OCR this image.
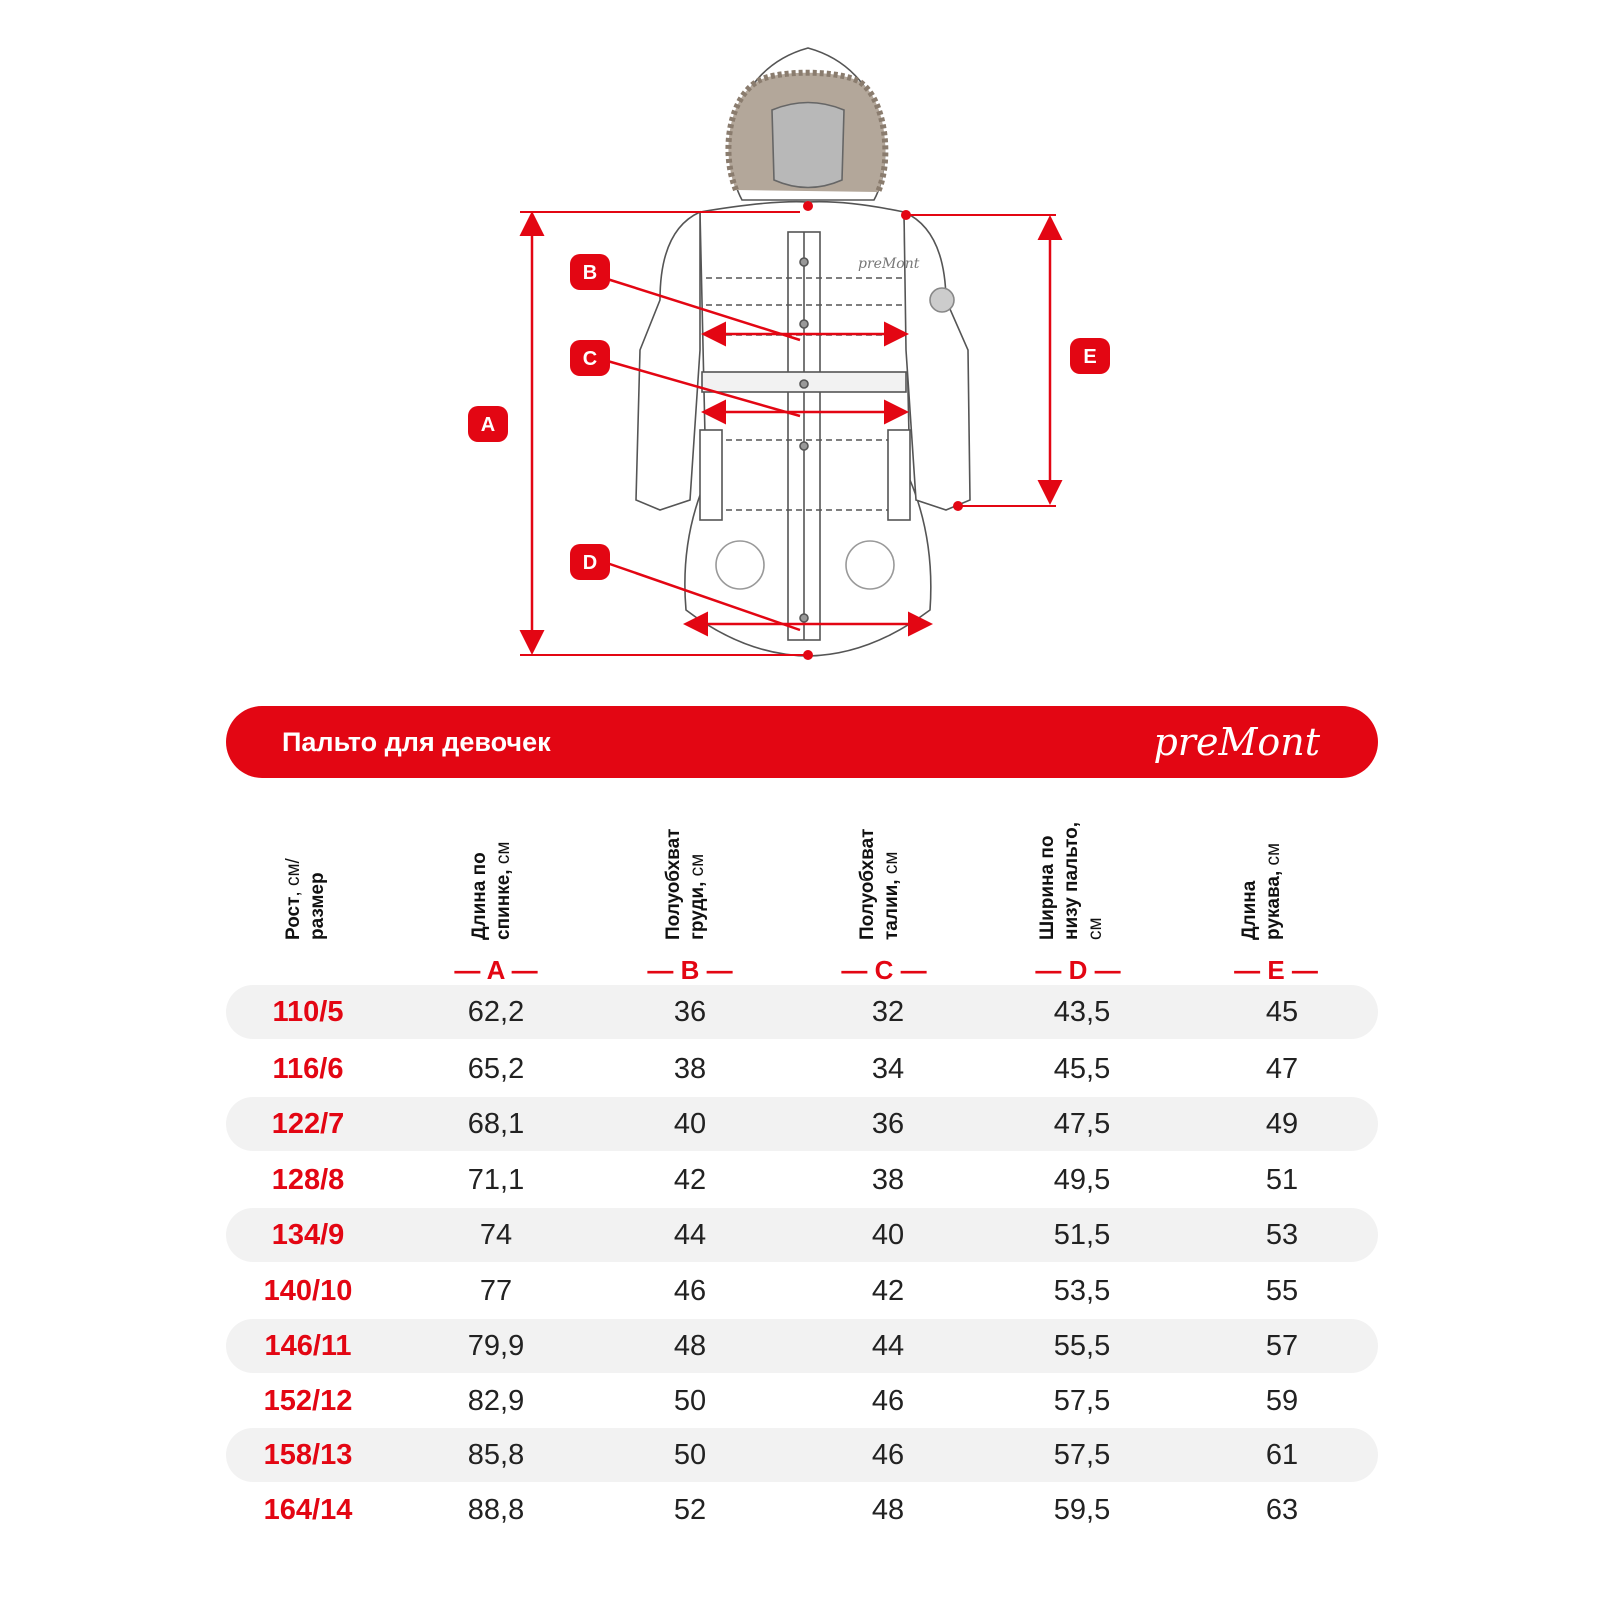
preMont
A
B
C
D
E
Пальто для девочек	preMont
Рост, см/ размер	Длина по спинке, см	Полуобхват груди, см	Полуобхват талии, см	Ширина по низу пальто, см	Длина рукава, см
— A —	— B —	— C —	— D —	— E —
110/5	62,2	36	32	43,5	45
116/6	65,2	38	34	45,5	47
122/7	68,1	40	36	47,5	49
128/8	71,1	42	38	49,5	51
134/9	74	44	40	51,5	53
140/10	77	46	42	53,5	55
146/11	79,9	48	44	55,5	57
152/12	82,9	50	46	57,5	59
158/13	85,8	50	46	57,5	61
164/14	88,8	52	48	59,5	63
